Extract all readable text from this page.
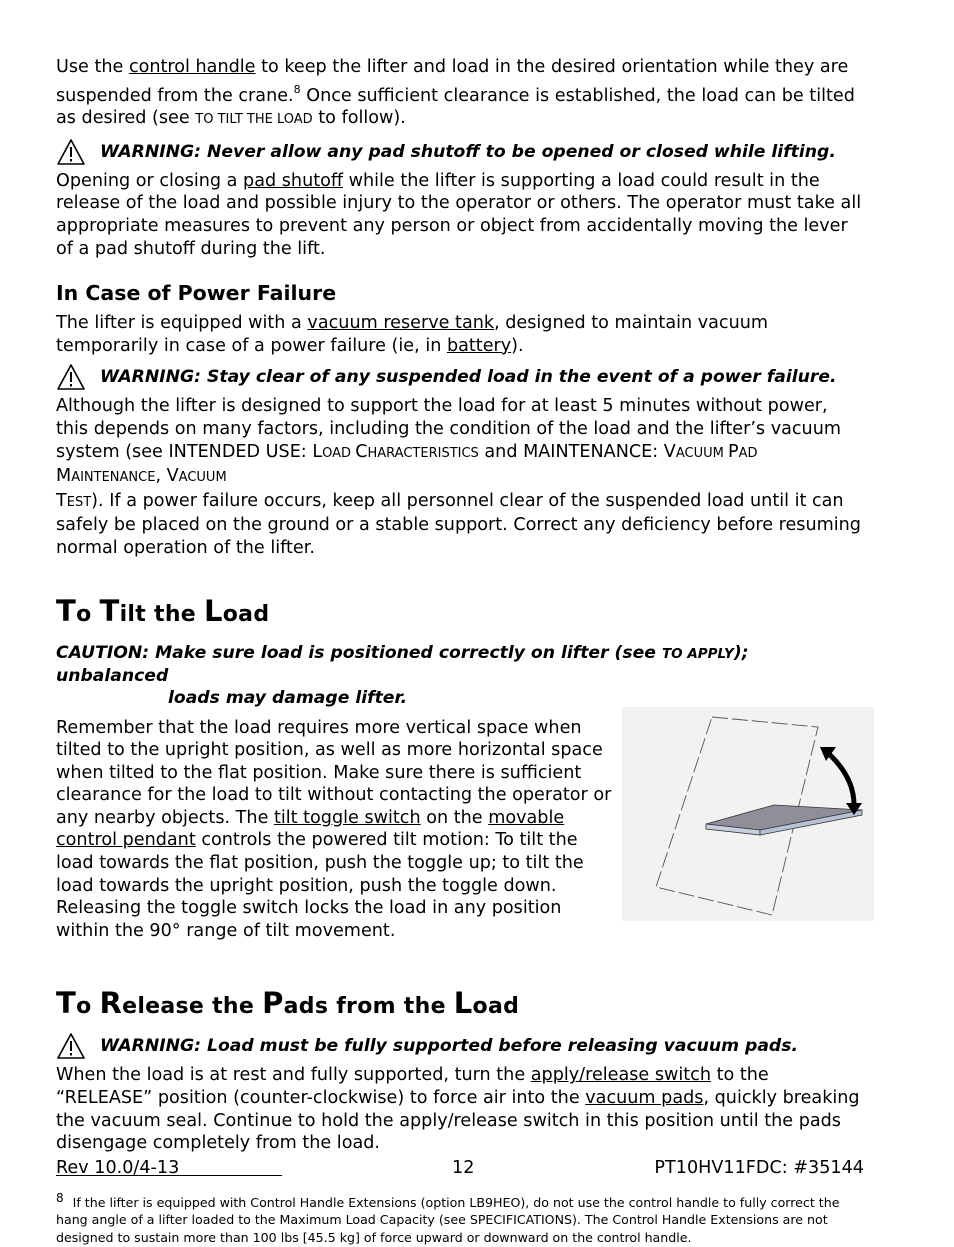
Use the control handle to keep the lifter and load in the desired orientation while they are suspended from the crane.$^8$ Once sufficient clearance is established, the load can be tilted as desired (see TO TILT THE LOAD to follow).

WARNING: Never allow any pad shutoff to be opened or closed while lifting.

Opening or closing a pad shutoff while the lifter is supporting a load could result in the release of the load and possible injury to the operator or others. The operator must take all appropriate measures to prevent any person or object from accidentally moving the lever of a pad shutoff during the lift.

In Case of Power Failure

The lifter is equipped with a vacuum reserve tank, designed to maintain vacuum temporarily in case of a power failure (ie, in battery).

WARNING: Stay clear of any suspended load in the event of a power failure.

Although the lifter is designed to support the load for at least 5 minutes without power, this depends on many factors, including the condition of the load and the lifter’s vacuum system (see INTENDED USE: LOAD CHARACTERISTICS and MAINTENANCE: VACUUM PAD MAINTENANCE, VACUUM
TEST). If a power failure occurs, keep all personnel clear of the suspended load until it can safely be placed on the ground or a stable support. Correct any deficiency before resuming normal operation of the lifter.

To Tilt the Load
CAUTION: Make sure load is positioned correctly on lifter (see TO APPLY); unbalanced
loads may damage lifter.

Remember that the load requires more vertical space when tilted to the upright position, as well as more horizontal space when tilted to the flat position. Make sure there is sufficient clearance for the load to tilt without contacting the operator or any nearby objects. The tilt toggle switch on the movable control pendant controls the powered tilt motion: To tilt the load towards the flat position, push the toggle up; to tilt the load towards the upright position, push the toggle down. Releasing the toggle switch locks the load in any position within the 90° range of tilt movement.

To Release the Pads from the Load
WARNING: Load must be fully supported before releasing vacuum pads.

When the load is at rest and fully supported, turn the apply/release switch to the “RELEASE” position (counter-clockwise) to force air into the vacuum pads, quickly breaking the vacuum seal. Continue to hold the apply/release switch in this position until the pads disengage completely from the load.

$^8$ If the lifter is equipped with Control Handle Extensions (option LB9HEO), do not use the control handle to fully correct the hang angle of a lifter loaded to the Maximum Load Capacity (see SPECIFICATIONS). The Control Handle Extensions are not designed to sustain more than 100 lbs [45.5 kg] of force upward or downward on the control handle.
Rev 10.0/4-13	12	PT10HV11FDC: #35144
